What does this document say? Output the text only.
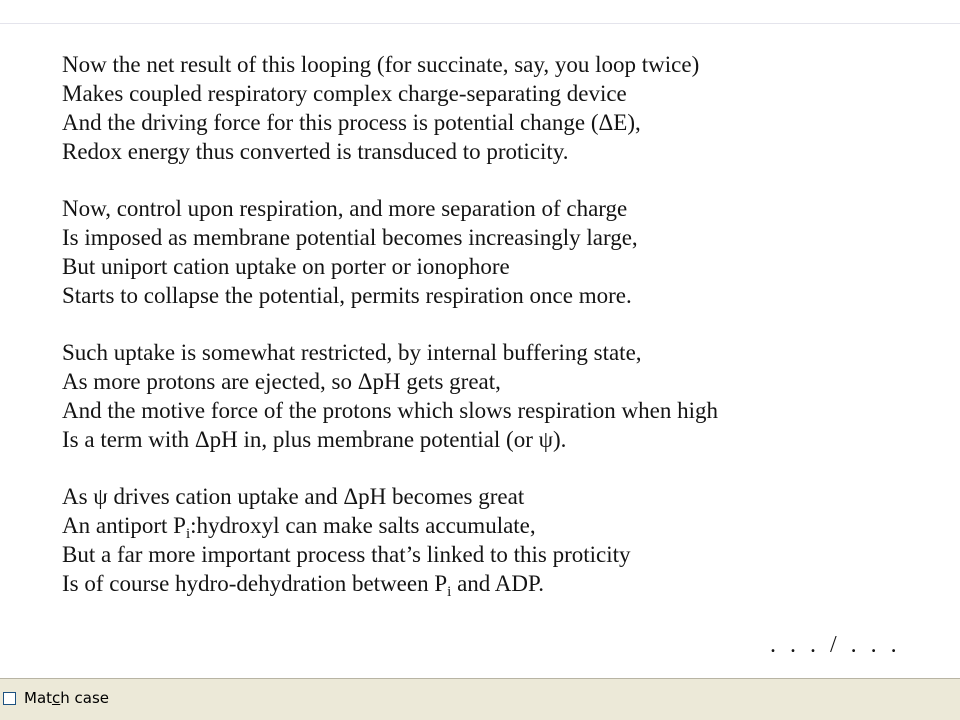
Now the net result of this looping (for succinate, say, you loop twice)
Makes coupled respiratory complex charge-separating device
And the driving force for this process is potential change (ΔE),
Redox energy thus converted is transduced to proticity.
Now, control upon respiration, and more separation of charge
Is imposed as membrane potential becomes increasingly large,
But uniport cation uptake on porter or ionophore
Starts to collapse the potential, permits respiration once more.
Such uptake is somewhat restricted, by internal buffering state,
As more protons are ejected, so ΔpH gets great,
And the motive force of the protons which slows respiration when high
Is a term with ΔpH in, plus membrane potential (or ψ).
As ψ drives cation uptake and ΔpH becomes great
An antiport $P_i:hydroxyl$ can make salts accumulate,
But a far more important process that’s linked to this proticity
Is of course hydro-dehydration between $P_i$ and ADP.
. . . / . . .
Match case
